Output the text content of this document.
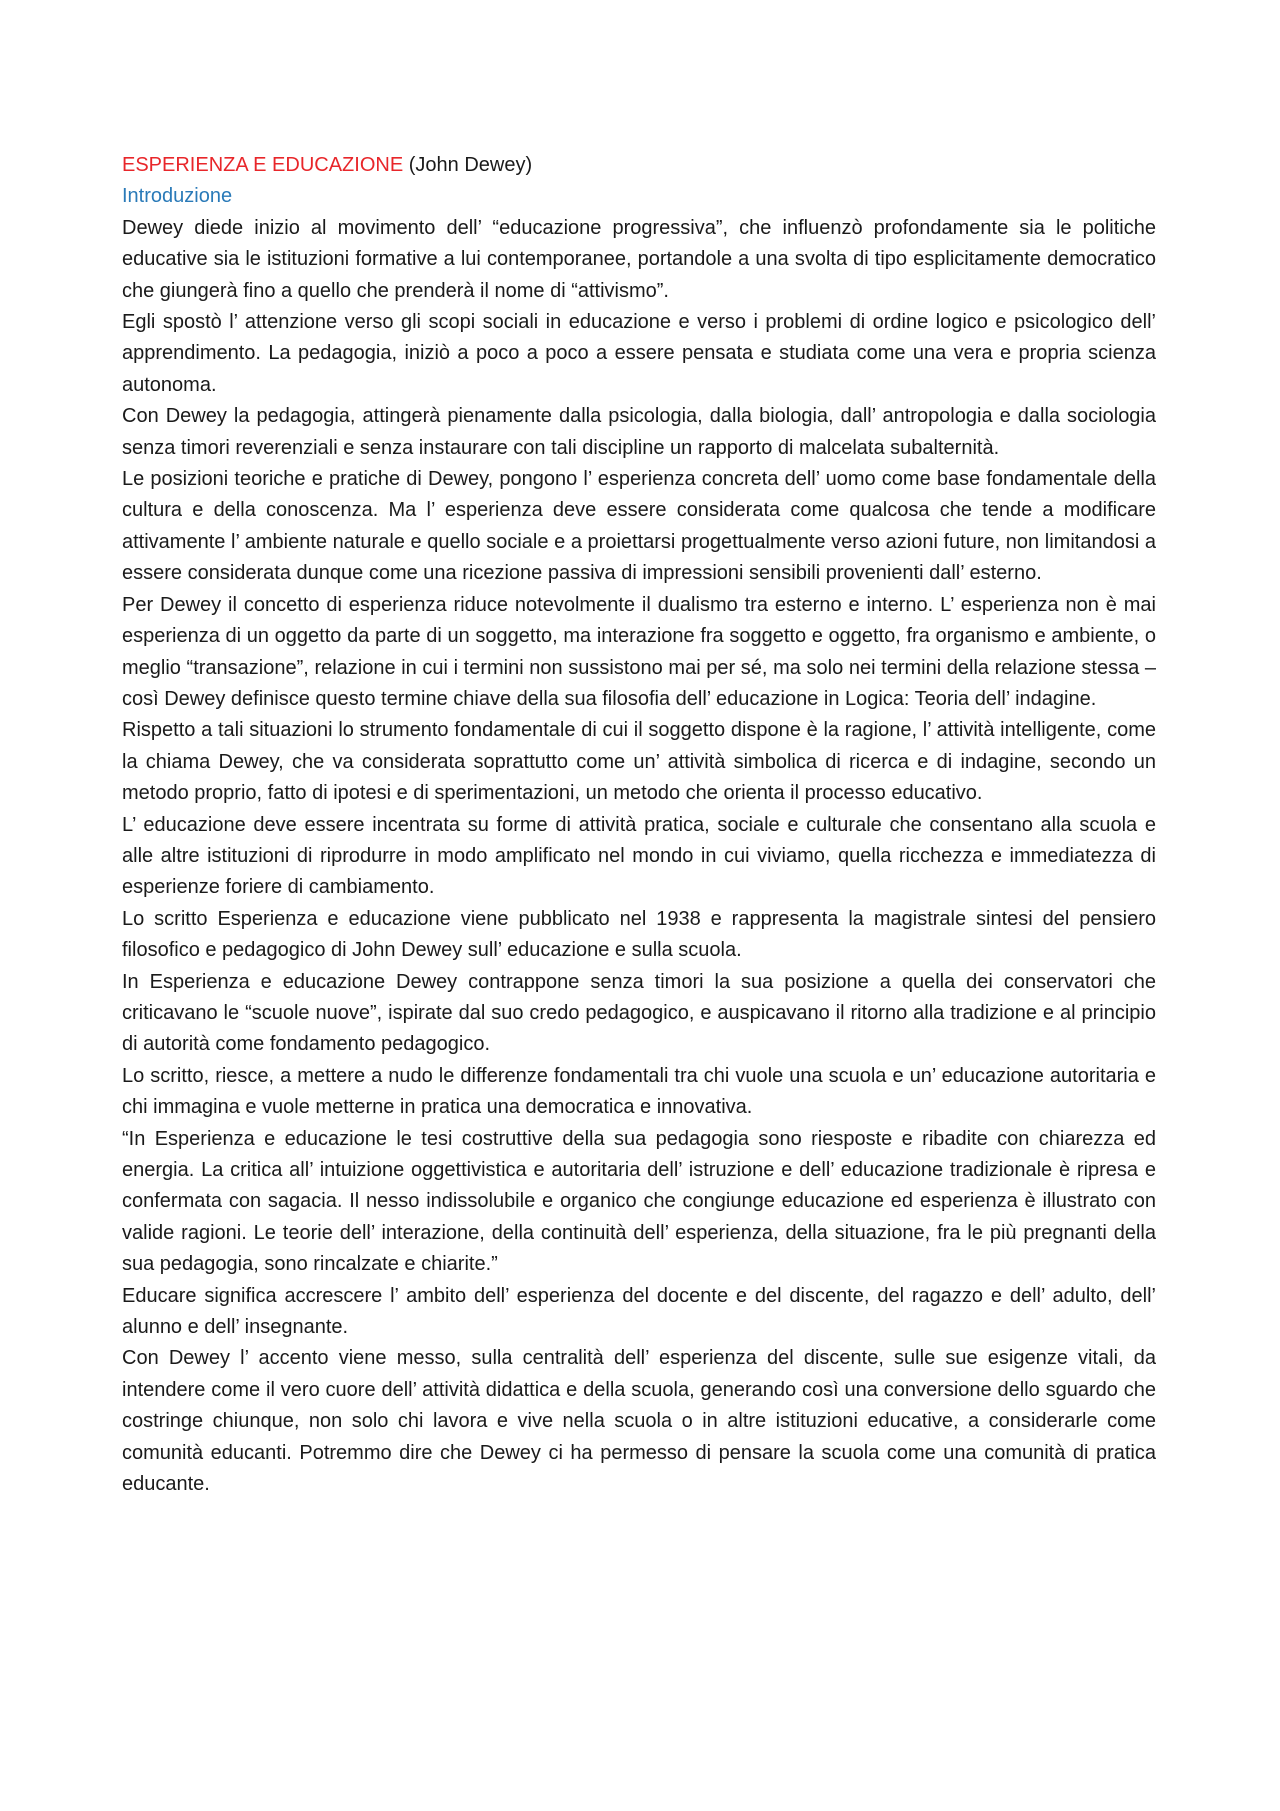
ESPERIENZA E EDUCAZIONE (John Dewey)

Introduzione

Dewey diede inizio al movimento dell’ “educazione progressiva”, che influenzò profondamente sia le politiche educative sia le istituzioni formative a lui contemporanee, portandole a una svolta di tipo esplicitamente democratico che giungerà fino a quello che prenderà il nome di “attivismo”.

Egli spostò l’ attenzione verso gli scopi sociali in educazione e verso i problemi di ordine logico e psicologico dell’ apprendimento. La pedagogia, iniziò a poco a poco a essere pensata e studiata come una vera e propria scienza autonoma.

Con Dewey la pedagogia, attingerà pienamente dalla psicologia, dalla biologia, dall’ antropologia e dalla sociologia senza timori reverenziali e senza instaurare con tali discipline un rapporto di malcelata subalternità.

Le posizioni teoriche e pratiche di Dewey, pongono l’ esperienza concreta dell’ uomo come base fondamentale della cultura e della conoscenza. Ma l’ esperienza deve essere considerata come qualcosa che tende a modificare attivamente l’ ambiente naturale e quello sociale e a proiettarsi progettualmente verso azioni future, non limitandosi a essere considerata dunque come una ricezione passiva di impressioni sensibili provenienti dall’ esterno.

Per Dewey il concetto di esperienza riduce notevolmente il dualismo tra esterno e interno. L’ esperienza non è mai esperienza di un oggetto da parte di un soggetto, ma interazione fra soggetto e oggetto, fra organismo e ambiente, o meglio “transazione”, relazione in cui i termini non sussistono mai per sé, ma solo nei termini della relazione stessa – così Dewey definisce questo termine chiave della sua filosofia dell’ educazione in Logica: Teoria dell’ indagine.

Rispetto a tali situazioni lo strumento fondamentale di cui il soggetto dispone è la ragione, l’ attività intelligente, come la chiama Dewey, che va considerata soprattutto come un’ attività simbolica di ricerca e di indagine, secondo un metodo proprio, fatto di ipotesi e di sperimentazioni, un metodo che orienta il processo educativo.

L’ educazione deve essere incentrata su forme di attività pratica, sociale e culturale che consentano alla scuola e alle altre istituzioni di riprodurre in modo amplificato nel mondo in cui viviamo, quella ricchezza e immediatezza di esperienze foriere di cambiamento.

Lo scritto Esperienza e educazione viene pubblicato nel 1938 e rappresenta la magistrale sintesi del pensiero filosofico e pedagogico di John Dewey sull’ educazione e sulla scuola.

In Esperienza e educazione Dewey contrappone senza timori la sua posizione a quella dei conservatori che criticavano le “scuole nuove”, ispirate dal suo credo pedagogico, e auspicavano il ritorno alla tradizione e al principio di autorità come fondamento pedagogico.

Lo scritto, riesce, a mettere a nudo le differenze fondamentali tra chi vuole una scuola e un’ educazione autoritaria e chi immagina e vuole metterne in pratica una democratica e innovativa.

“In Esperienza e educazione le tesi costruttive della sua pedagogia sono riesposte e ribadite con chiarezza ed energia. La critica all’ intuizione oggettivistica e autoritaria dell’ istruzione e dell’ educazione tradizionale è ripresa e confermata con sagacia. Il nesso indissolubile e organico che congiunge educazione ed esperienza è illustrato con valide ragioni. Le teorie dell’ interazione, della continuità dell’ esperienza, della situazione, fra le più pregnanti della sua pedagogia, sono rincalzate e chiarite.”

Educare significa accrescere l’ ambito dell’ esperienza del docente e del discente, del ragazzo e dell’ adulto, dell’ alunno e dell’ insegnante.

Con Dewey l’ accento viene messo, sulla centralità dell’ esperienza del discente, sulle sue esigenze vitali, da intendere come il vero cuore dell’ attività didattica e della scuola, generando così una conversione dello sguardo che costringe chiunque, non solo chi lavora e vive nella scuola o in altre istituzioni educative, a considerarle come comunità educanti. Potremmo dire che Dewey ci ha permesso di pensare la scuola come una comunità di pratica educante.
